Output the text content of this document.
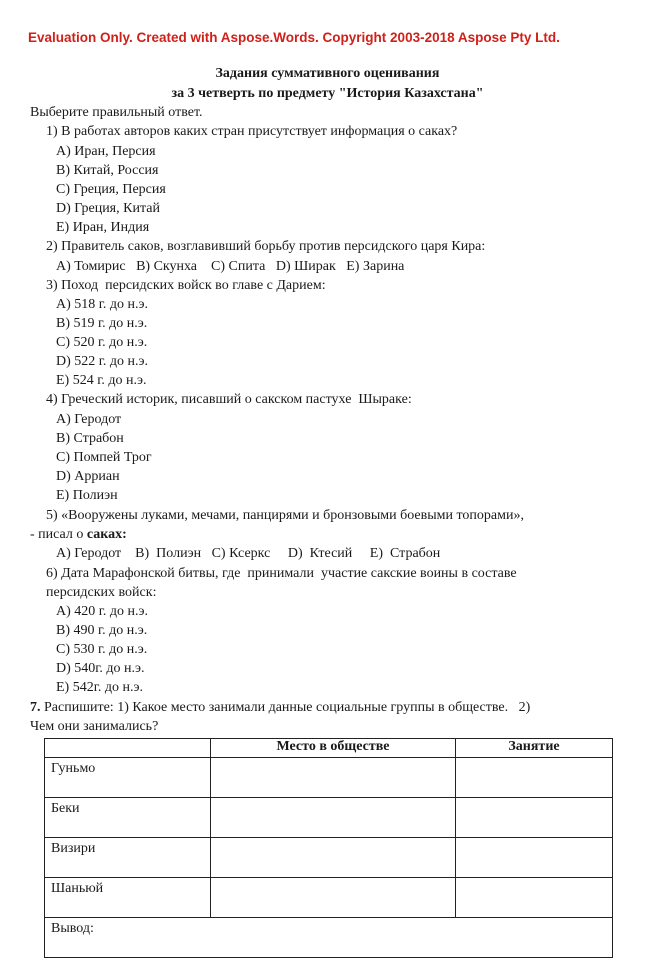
Evaluation Only. Created with Aspose.Words. Copyright 2003-2018 Aspose Pty Ltd.
Задания суммативного оценивания
за 3 четверть по предмету "История Казахстана"
Выберите правильный ответ.
1) В работах авторов каких стран присутствует информация о саках?
A) Иран, Персия
B) Китай, Россия
C) Греция, Персия
D) Греция, Китай
E) Иран, Индия
2) Правитель саков, возглавивший борьбу против персидского царя Кира:
A) Томирис   B) Скунха    C) Спита   D) Ширак   E) Зарина
3) Поход  персидских войск во главе с Дарием:
A) 518 г. до н.э.
B) 519 г. до н.э.
C) 520 г. до н.э.
D) 522 г. до н.э.
E) 524 г. до н.э.
4) Греческий историк, писавший о сакском пастухе  Шыраке:
A) Геродот
B) Страбон
C) Помпей Трог
D) Арриан
E) Полиэн
5) «Вооружены луками, мечами, панцирями и бронзовыми боевыми топорами»,
- писал о саках:
A) Геродот    B)  Полиэн   C) Ксеркс     D)  Ктесий     E)  Страбон
6) Дата Марафонской битвы, где  принимали  участие сакские воины в составе
персидских войск:
A) 420 г. до н.э.
B) 490 г. до н.э.
C) 530 г. до н.э.
D) 540г. до н.э.
E) 542г. до н.э.
7. Распишите: 1) Какое место занимали данные социальные группы в обществе.   2)
Чем они занимались?
	Место в обществе	Занятие
Гуньмо		
Беки		
Визири		
Шаньюй		
Вывод:		
